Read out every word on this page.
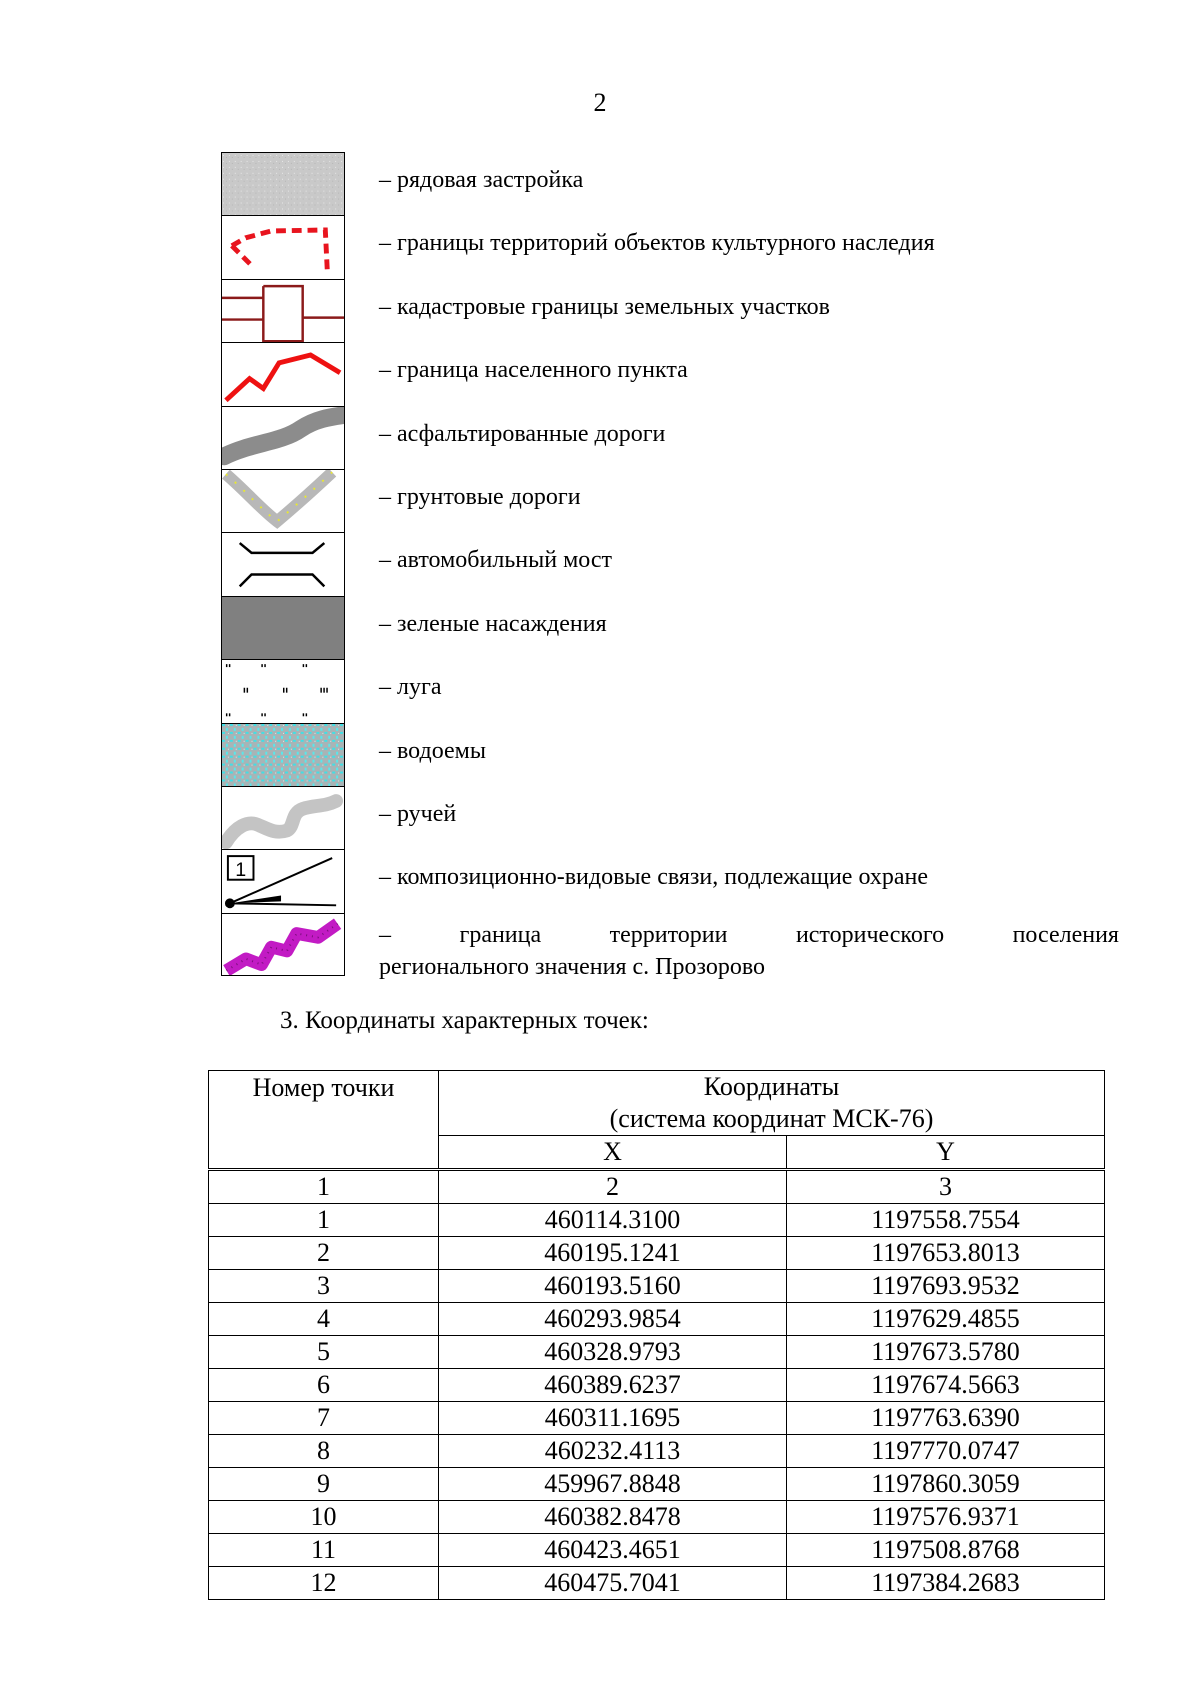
2
– рядовая застройка
– границы территорий объектов культурного наследия
– кадастровые границы земельных участков
– граница населенного пункта
– асфальтированные дороги
– грунтовые дороги
– автомобильный мост
– зеленые насаждения
– луга
– водоемы
– ручей
1	– композиционно-видовые связи, подлежащие охране
–	граница	территории	исторического	поселения
регионального значения с. Прозорово
3. Координаты характерных точек:
Номер точки	Координаты
(система координат МСК-76)	

	X	Y
1	2	3
1	460114.3100	1197558.7554
2	460195.1241	1197653.8013
3	460193.5160	1197693.9532
4	460293.9854	1197629.4855
5	460328.9793	1197673.5780
6	460389.6237	1197674.5663
7	460311.1695	1197763.6390
8	460232.4113	1197770.0747
9	459967.8848	1197860.3059
10	460382.8478	1197576.9371
11	460423.4651	1197508.8768
12	460475.7041	1197384.2683
